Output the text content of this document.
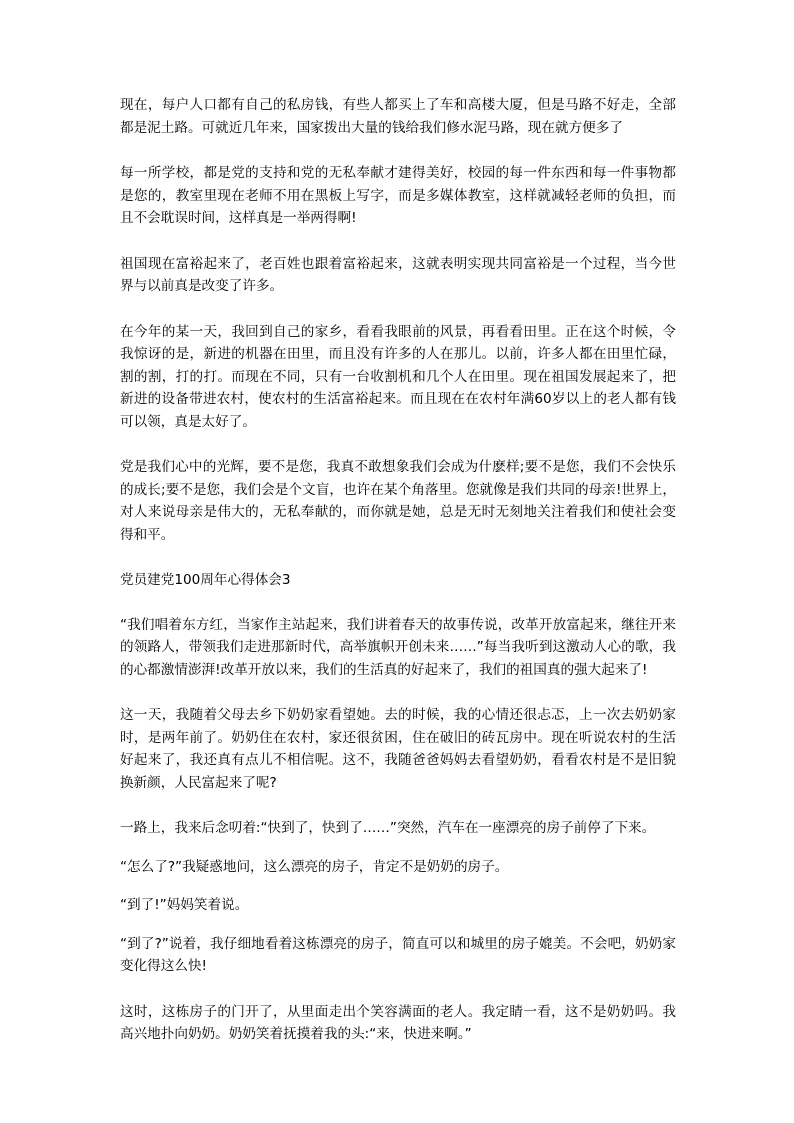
现在，每户人口都有自己的私房钱，有些人都买上了车和高楼大厦，但是马路不好走，全部都是泥土路。可就近几年来，国家拨出大量的钱给我们修水泥马路，现在就方便多了

每一所学校，都是党的支持和党的无私奉献才建得美好，校园的每一件东西和每一件事物都是您的，教室里现在老师不用在黑板上写字，而是多媒体教室，这样就减轻老师的负担，而且不会耽误时间，这样真是一举两得啊!

祖国现在富裕起来了，老百姓也跟着富裕起来，这就表明实现共同富裕是一个过程，当今世界与以前真是改变了许多。

在今年的某一天，我回到自己的家乡，看看我眼前的风景，再看看田里。正在这个时候，令我惊讶的是，新进的机器在田里，而且没有许多的人在那儿。以前，许多人都在田里忙碌，割的割，打的打。而现在不同，只有一台收割机和几个人在田里。现在祖国发展起来了，把新进的设备带进农村，使农村的生活富裕起来。而且现在在农村年满60岁以上的老人都有钱可以领，真是太好了。

党是我们心中的光辉，要不是您，我真不敢想象我们会成为什麽样;要不是您，我们不会快乐的成长;要不是您，我们会是个文盲，也许在某个角落里。您就像是我们共同的母亲!世界上，对人来说母亲是伟大的，无私奉献的，而你就是她，总是无时无刻地关注着我们和使社会变得和平。

党员建党100周年心得体会3

“我们唱着东方红，当家作主站起来，我们讲着春天的故事传说，改革开放富起来，继往开来的领路人，带领我们走进那新时代，高举旗帜开创未来……”每当我听到这激动人心的歌，我的心都激情澎湃!改革开放以来，我们的生活真的好起来了，我们的祖国真的强大起来了!

这一天，我随着父母去乡下奶奶家看望她。去的时候，我的心情还很忐忑，上一次去奶奶家时，是两年前了。奶奶住在农村，家还很贫困，住在破旧的砖瓦房中。现在听说农村的生活好起来了，我还真有点儿不相信呢。这不，我随爸爸妈妈去看望奶奶，看看农村是不是旧貌换新颜，人民富起来了呢?

一路上，我来后念叨着:“快到了，快到了……”突然，汽车在一座漂亮的房子前停了下来。

“怎么了?”我疑惑地问，这么漂亮的房子，肯定不是奶奶的房子。

“到了!”妈妈笑着说。

“到了?”说着，我仔细地看着这栋漂亮的房子，简直可以和城里的房子媲美。不会吧，奶奶家变化得这么快!

这时，这栋房子的门开了，从里面走出个笑容满面的老人。我定睛一看，这不是奶奶吗。我高兴地扑向奶奶。奶奶笑着抚摸着我的头:“来，快进来啊。”
